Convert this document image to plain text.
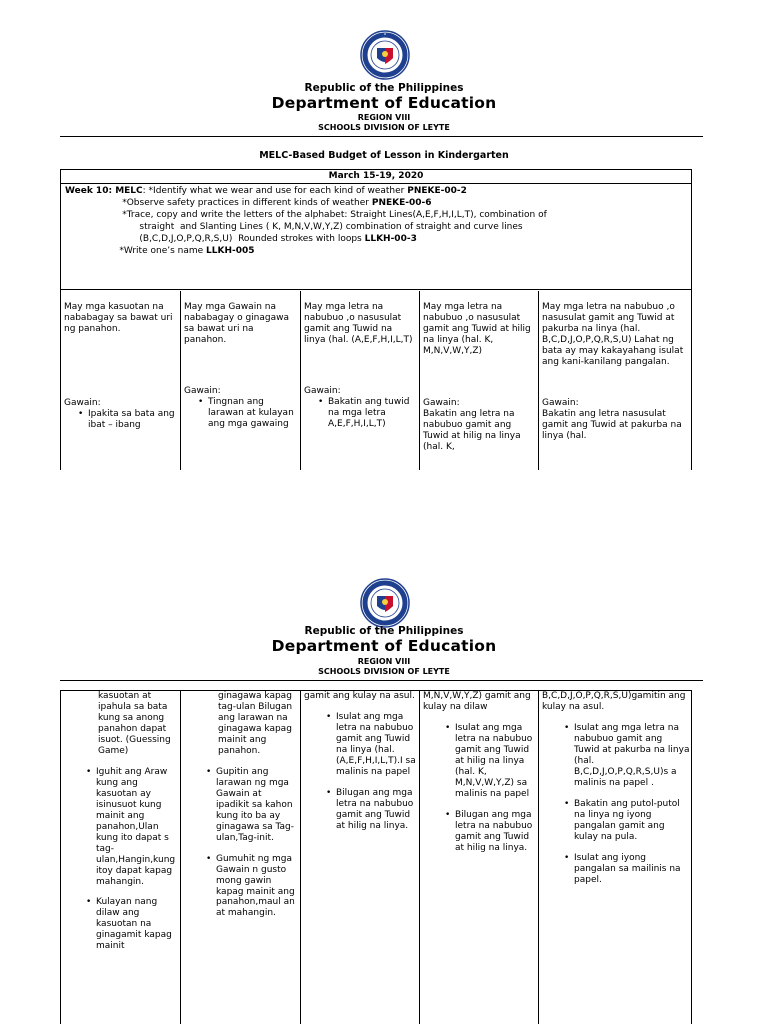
Republic of the Philippines
Department of Education
REGION VIII
SCHOOLS DIVISION OF LEYTE
MELC-Based Budget of Lesson in Kindergarten
March 15-19, 2020
Week 10: MELC: *Identify what we wear and use for each kind of weather PNEKE-00-2
*Observe safety practices in different kinds of weather PNEKE-00-6
*Trace, copy and write the letters of the alphabet: Straight Lines(A,E,F,H,I,L,T), combination of
straight  and Slanting Lines ( K, M,N,V,W,Y,Z) combination of straight and curve lines
(B,C,D,J,O,P,Q,R,S,U)  Rounded strokes with loops LLKH-00-3
*Write one’s name LLKH-005
May mga kasuotan na nababagay sa bawat uri ng panahon.
Gawain:
• Ipakita sa bata ang ibat – ibang
May mga Gawain na nababagay o ginagawa sa bawat uri na panahon.
Gawain:
• Tingnan ang larawan at kulayan ang mga gawaing
May mga letra na nabubuo ,o nasusulat gamit ang Tuwid na linya (hal. (A,E,F,H,I,L,T)
Gawain:
• Bakatin ang tuwid na mga letra A,E,F,H,I,L,T)
May mga letra na nabubuo ,o nasusulat gamit ang Tuwid at hilig na linya (hal. K, M,N,V,W,Y,Z)
Gawain:
Bakatin ang letra na nabubuo gamit ang Tuwid at hilig na linya (hal. K,
May mga letra na nabubuo ,o nasusulat gamit ang Tuwid at pakurba na linya (hal. B,C,D,J,O,P,Q,R,S,U) Lahat ng bata ay may kakayahang isulat ang kani-kanilang pangalan.
Gawain:
Bakatin ang letra nasusulat gamit ang Tuwid at pakurba na linya (hal.
Republic of the Philippines
Department of Education
REGION VIII
SCHOOLS DIVISION OF LEYTE
kasuotan at ipahula sa bata kung sa anong panahon dapat isuot. (Guessing Game)
• Iguhit ang Araw kung ang kasuotan ay isinusuot kung mainit ang panahon,Ulan kung ito dapat s tag-ulan,Hangin,kung itoy dapat kapag mahangin.
• Kulayan nang dilaw ang kasuotan na ginagamit kapag mainit
ginagawa kapag tag-ulan Bilugan ang larawan na ginagawa kapag mainit ang panahon.
• Gupitin ang larawan ng mga Gawain at ipadikit sa kahon kung ito ba ay ginagawa sa Tag-ulan,Tag-init.
• Gumuhit ng mga Gawain n gusto mong gawin kapag mainit ang panahon,maul an at mahangin.
gamit ang kulay na asul.
• Isulat ang mga letra na nabubuo gamit ang Tuwid na linya (hal. (A,E,F,H,I,L,T).I sa malinis na papel
• Bilugan ang mga letra na nabubuo gamit ang Tuwid at hilig na linya.
M,N,V,W,Y,Z) gamit ang kulay na dilaw
• Isulat ang mga letra na nabubuo gamit ang Tuwid at hilig na linya (hal. K, M,N,V,W,Y,Z) sa malinis na papel
• Bilugan ang mga letra na nabubuo gamit ang Tuwid at hilig na linya.
B,C,D,J,O,P,Q,R,S,U)gamitin ang kulay na asul.
• Isulat ang mga letra na nabubuo gamit ang Tuwid at pakurba na linya (hal. B,C,D,J,O,P,Q,R,S,U)s a malinis na papel .
• Bakatin ang putol-putol na linya ng iyong pangalan gamit ang kulay na pula.
• Isulat ang iyong pangalan sa mailinis na papel.
